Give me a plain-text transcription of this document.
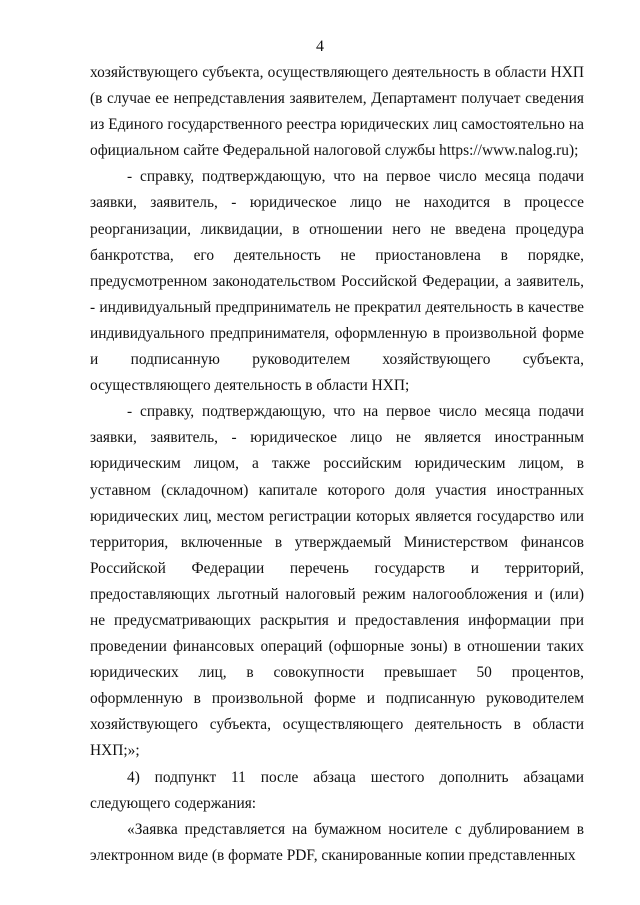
4

хозяйствующего субъекта, осуществляющего деятельность в области НХП (в случае ее непредставления заявителем, Департамент получает сведения из Единого государственного реестра юридических лиц самостоятельно на официальном сайте Федеральной налоговой службы https://www.nalog.ru);

- справку, подтверждающую, что на первое число месяца подачи заявки, заявитель, - юридическое лицо не находится в процессе реорганизации, ликвидации, в отношении него не введена процедура банкротства, его деятельность не приостановлена в порядке, предусмотренном законодательством Российской Федерации, а заявитель, - индивидуальный предприниматель не прекратил деятельность в качестве индивидуального предпринимателя, оформленную в произвольной форме и подписанную руководителем хозяйствующего субъекта, осуществляющего деятельность в области НХП;

- справку, подтверждающую, что на первое число месяца подачи заявки, заявитель, - юридическое лицо не является иностранным юридическим лицом, а также российским юридическим лицом, в уставном (складочном) капитале которого доля участия иностранных юридических лиц, местом регистрации которых является государство или территория, включенные в утверждаемый Министерством финансов Российской Федерации перечень государств и территорий, предоставляющих льготный налоговый режим налогообложения и (или) не предусматривающих раскрытия и предоставления информации при проведении финансовых операций (офшорные зоны) в отношении таких юридических лиц, в совокупности превышает 50 процентов, оформленную в произвольной форме и подписанную руководителем хозяйствующего субъекта, осуществляющего деятельность в области НХП;»;

4) подпункт 11 после абзаца шестого дополнить абзацами следующего содержания:

«Заявка представляется на бумажном носителе с дублированием в электронном виде (в формате PDF, сканированные копии представленных
